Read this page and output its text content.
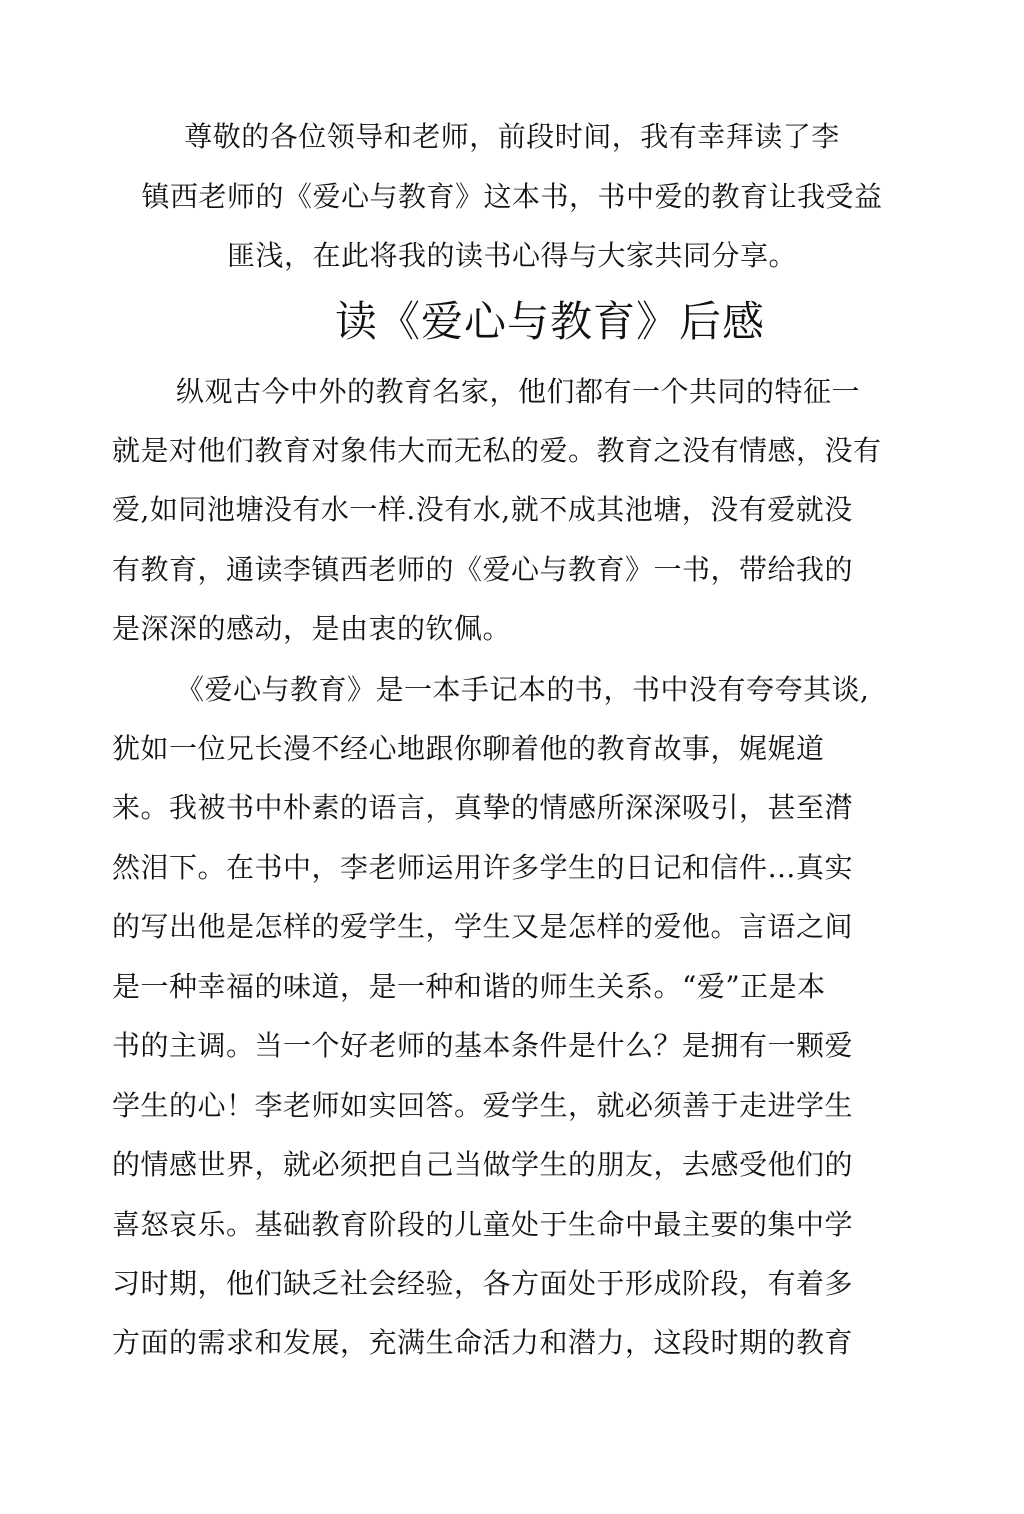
尊敬的各位领导和老师，前段时间，我有幸拜读了李
镇西老师的《爱心与教育》这本书，书中爱的教育让我受益
匪浅，在此将我的读书心得与大家共同分享。
读《爱心与教育》后感
纵观古今中外的教育名家，他们都有一个共同的特征一
就是对他们教育对象伟大而无私的爱。教育之没有情感，没有
爱,如同池塘没有水一样.没有水,就不成其池塘，没有爱就没
有教育，通读李镇西老师的《爱心与教育》一书，带给我的
是深深的感动，是由衷的钦佩。
《爱心与教育》是一本手记本的书，书中没有夸夸其谈,
犹如一位兄长漫不经心地跟你聊着他的教育故事，娓娓道
来。我被书中朴素的语言，真挚的情感所深深吸引，甚至潸
然泪下。在书中，李老师运用许多学生的日记和信件…真实
的写出他是怎样的爱学生，学生又是怎样的爱他。言语之间
是一种幸福的味道，是一种和谐的师生关系。“爱”正是本
书的主调。当一个好老师的基本条件是什么？是拥有一颗爱
学生的心！李老师如实回答。爱学生，就必须善于走进学生
的情感世界，就必须把自己当做学生的朋友，去感受他们的
喜怒哀乐。基础教育阶段的儿童处于生命中最主要的集中学
习时期，他们缺乏社会经验，各方面处于形成阶段，有着多
方面的需求和发展，充满生命活力和潜力，这段时期的教育
